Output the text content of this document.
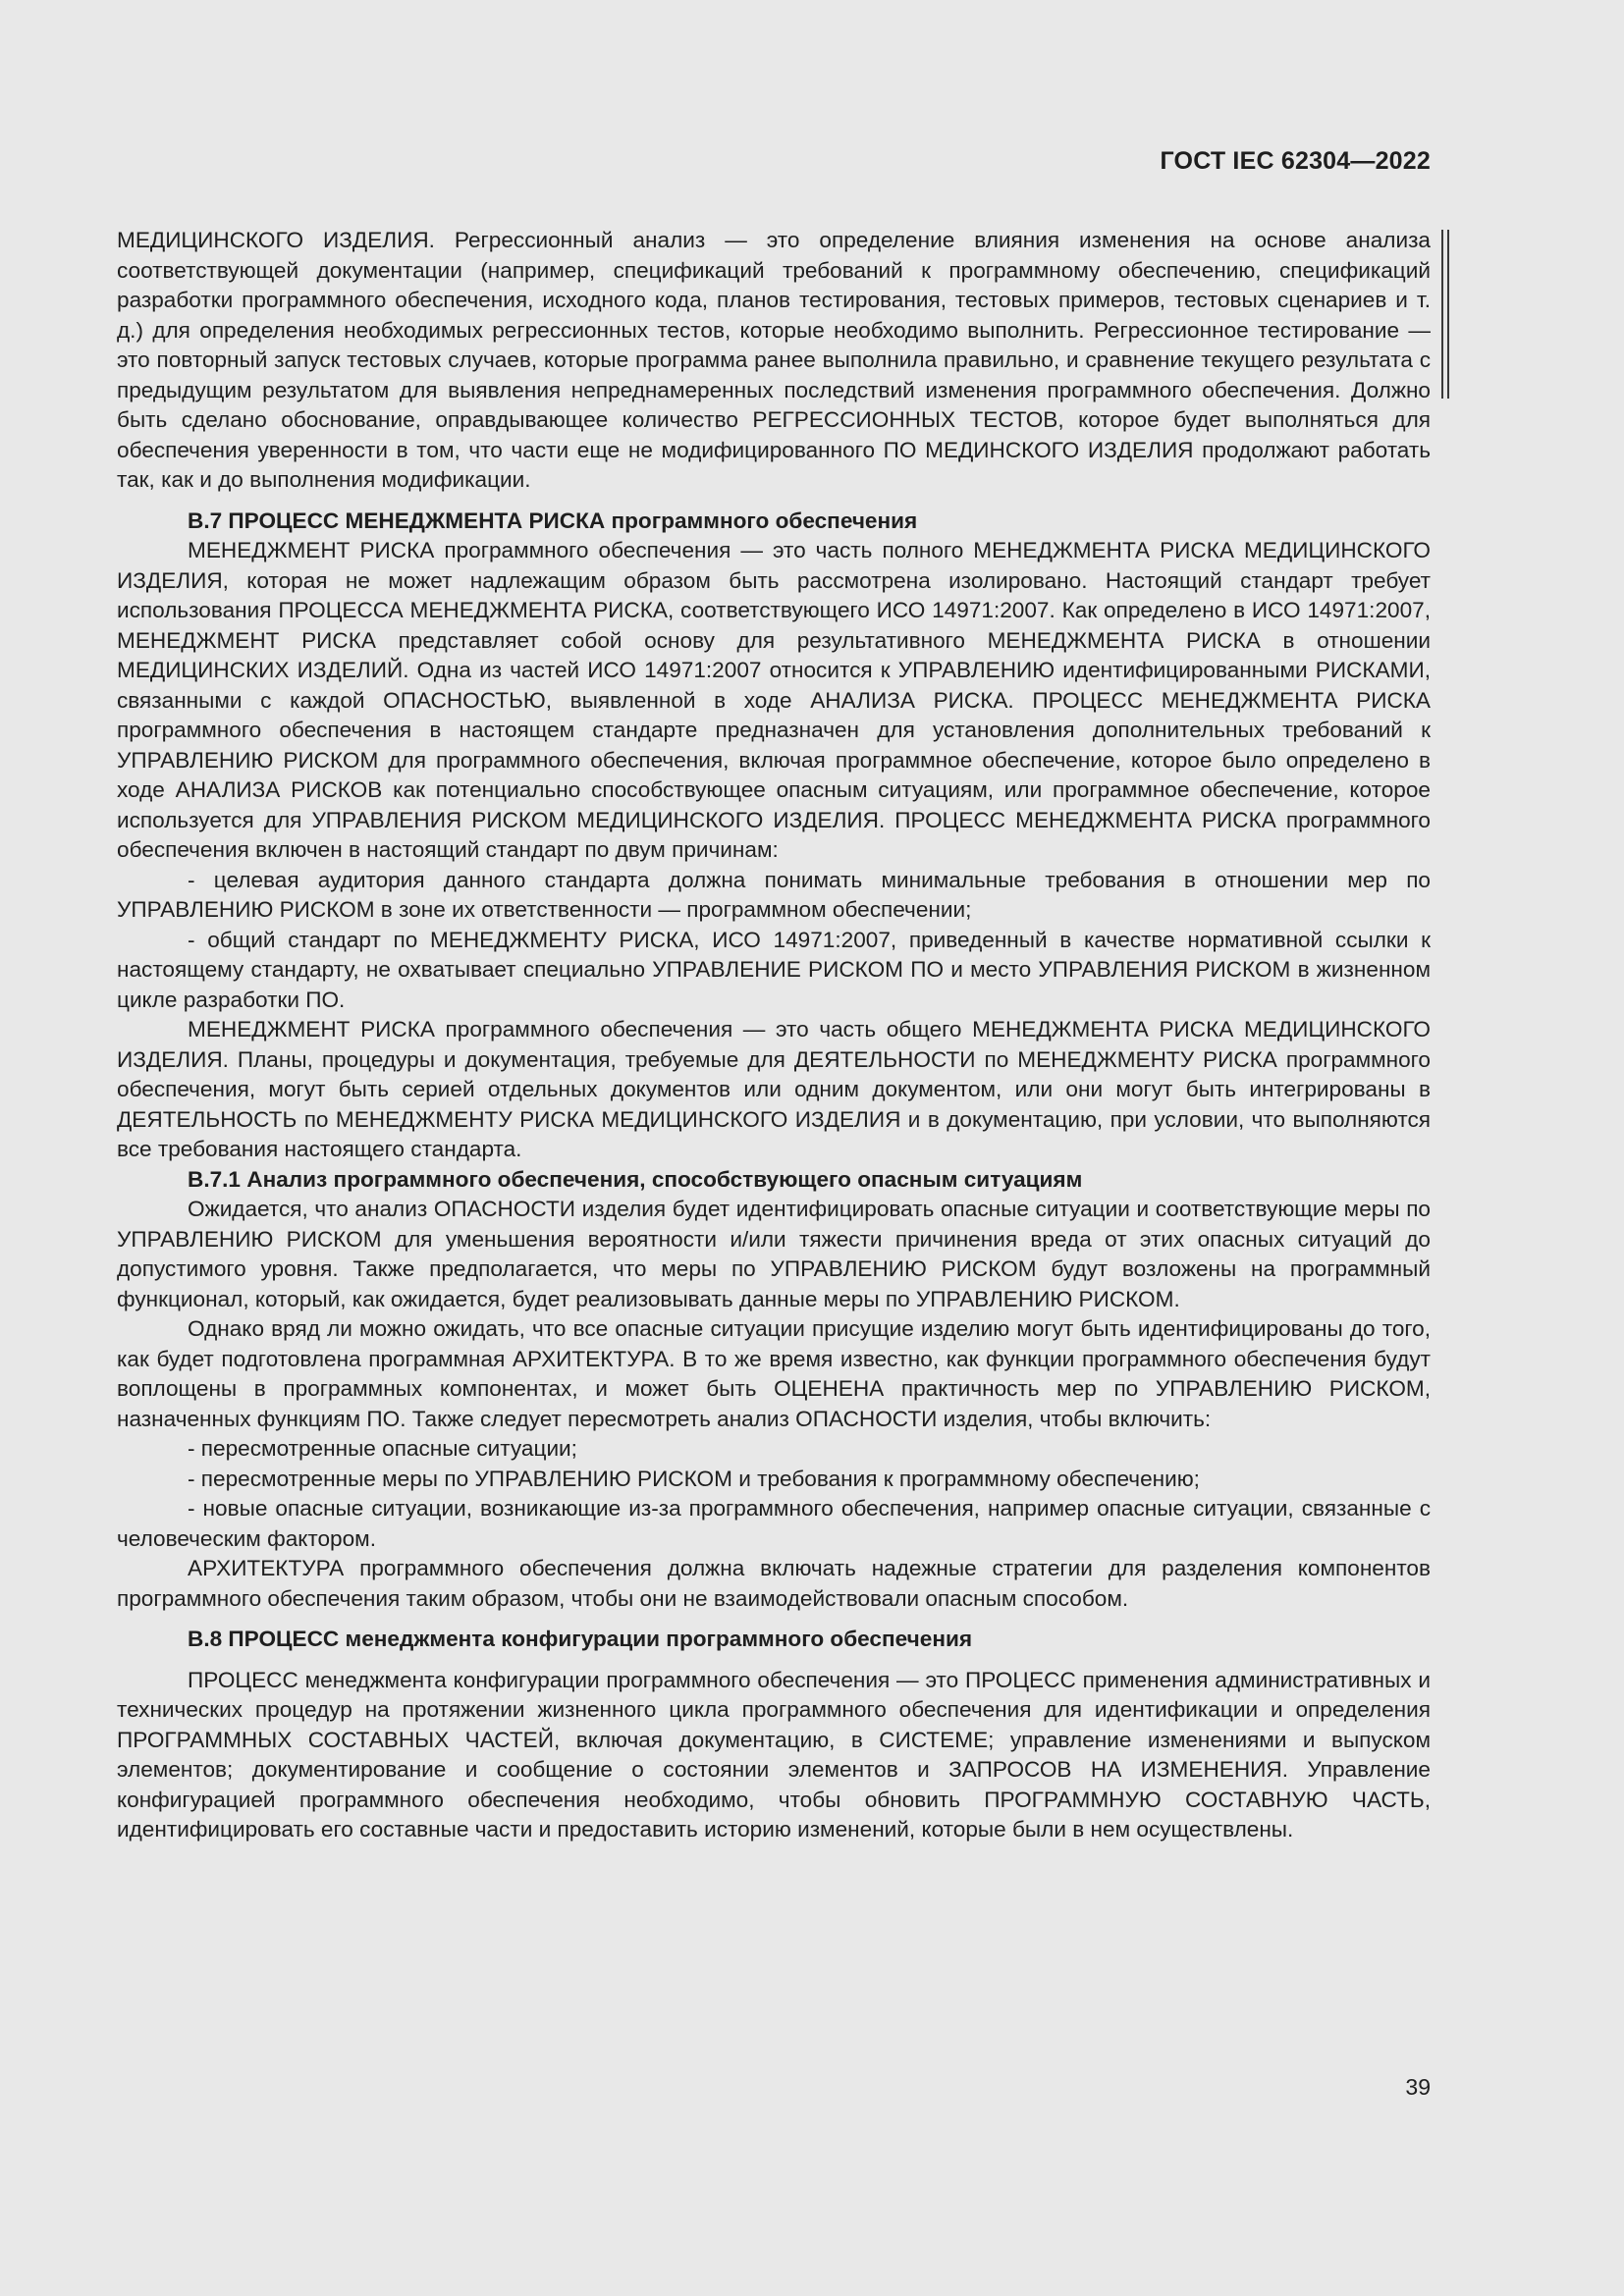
ГОСТ IEC 62304—2022

МЕДИЦИНСКОГО ИЗДЕЛИЯ. Регрессионный анализ — это определение влияния изменения на основе анализа соответствующей документации (например, спецификаций требований к программному обеспечению, спецификаций разработки программного обеспечения, исходного кода, планов тестирования, тестовых примеров, тестовых сценариев и т. д.) для определения необходимых регрессионных тестов, которые необходимо выполнить. Регрессионное тестирование — это повторный запуск тестовых случаев, которые программа ранее выполнила правильно, и сравнение текущего результата с предыдущим результатом для выявления непреднамеренных последствий изменения программного обеспечения. Должно быть сделано обоснование, оправдывающее количество РЕГРЕССИОННЫХ ТЕСТОВ, которое будет выполняться для обеспечения уверенности в том, что части еще не модифицированного ПО МЕДИНСКОГО ИЗДЕЛИЯ продолжают работать так, как и до выполнения модификации.

В.7 ПРОЦЕСС МЕНЕДЖМЕНТА РИСКА программного обеспечения

МЕНЕДЖМЕНТ РИСКА программного обеспечения — это часть полного МЕНЕДЖМЕНТА РИСКА МЕДИЦИНСКОГО ИЗДЕЛИЯ, которая не может надлежащим образом быть рассмотрена изолировано. Настоящий стандарт требует использования ПРОЦЕССА МЕНЕДЖМЕНТА РИСКА, соответствующего ИСО 14971:2007. Как определено в ИСО 14971:2007, МЕНЕДЖМЕНТ РИСКА представляет собой основу для результативного МЕНЕДЖМЕНТА РИСКА в отношении МЕДИЦИНСКИХ ИЗДЕЛИЙ. Одна из частей ИСО 14971:2007 относится к УПРАВЛЕНИЮ идентифицированными РИСКАМИ, связанными с каждой ОПАСНОСТЬЮ, выявленной в ходе АНАЛИЗА РИСКА. ПРОЦЕСС МЕНЕДЖМЕНТА РИСКА программного обеспечения в настоящем стандарте предназначен для установления дополнительных требований к УПРАВЛЕНИЮ РИСКОМ для программного обеспечения, включая программное обеспечение, которое было определено в ходе АНАЛИЗА РИСКОВ как потенциально способствующее опасным ситуациям, или программное обеспечение, которое используется для УПРАВЛЕНИЯ РИСКОМ МЕДИЦИНСКОГО ИЗДЕЛИЯ. ПРОЦЕСС МЕНЕДЖМЕНТА РИСКА программного обеспечения включен в настоящий стандарт по двум причинам:

- целевая аудитория данного стандарта должна понимать минимальные требования в отношении мер по УПРАВЛЕНИЮ РИСКОМ в зоне их ответственности — программном обеспечении;

- общий стандарт по МЕНЕДЖМЕНТУ РИСКА, ИСО 14971:2007, приведенный в качестве нормативной ссылки к настоящему стандарту, не охватывает специально УПРАВЛЕНИЕ РИСКОМ ПО и место УПРАВЛЕНИЯ РИСКОМ в жизненном цикле разработки ПО.

МЕНЕДЖМЕНТ РИСКА программного обеспечения — это часть общего МЕНЕДЖМЕНТА РИСКА МЕДИЦИНСКОГО ИЗДЕЛИЯ. Планы, процедуры и документация, требуемые для ДЕЯТЕЛЬНОСТИ по МЕНЕДЖМЕНТУ РИСКА программного обеспечения, могут быть серией отдельных документов или одним документом, или они могут быть интегрированы в ДЕЯТЕЛЬНОСТЬ по МЕНЕДЖМЕНТУ РИСКА МЕДИЦИНСКОГО ИЗДЕЛИЯ и в документацию, при условии, что выполняются все требования настоящего стандарта.

В.7.1 Анализ программного обеспечения, способствующего опасным ситуациям

Ожидается, что анализ ОПАСНОСТИ изделия будет идентифицировать опасные ситуации и соответствующие меры по УПРАВЛЕНИЮ РИСКОМ для уменьшения вероятности и/или тяжести причинения вреда от этих опасных ситуаций до допустимого уровня. Также предполагается, что меры по УПРАВЛЕНИЮ РИСКОМ будут возложены на программный функционал, который, как ожидается, будет реализовывать данные меры по УПРАВЛЕНИЮ РИСКОМ.

Однако вряд ли можно ожидать, что все опасные ситуации присущие изделию могут быть идентифицированы до того, как будет подготовлена программная АРХИТЕКТУРА. В то же время известно, как функции программного обеспечения будут воплощены в программных компонентах, и может быть ОЦЕНЕНА практичность мер по УПРАВЛЕНИЮ РИСКОМ, назначенных функциям ПО. Также следует пересмотреть анализ ОПАСНОСТИ изделия, чтобы включить:

- пересмотренные опасные ситуации;

- пересмотренные меры по УПРАВЛЕНИЮ РИСКОМ и требования к программному обеспечению;

- новые опасные ситуации, возникающие из-за программного обеспечения, например опасные ситуации, связанные с человеческим фактором.

АРХИТЕКТУРА программного обеспечения должна включать надежные стратегии для разделения компонентов программного обеспечения таким образом, чтобы они не взаимодействовали опасным способом.

В.8 ПРОЦЕСС менеджмента конфигурации программного обеспечения

ПРОЦЕСС менеджмента конфигурации программного обеспечения — это ПРОЦЕСС применения административных и технических процедур на протяжении жизненного цикла программного обеспечения для идентификации и определения ПРОГРАММНЫХ СОСТАВНЫХ ЧАСТЕЙ, включая документацию, в СИСТЕМЕ; управление изменениями и выпуском элементов; документирование и сообщение о состоянии элементов и ЗАПРОСОВ НА ИЗМЕНЕНИЯ. Управление конфигурацией программного обеспечения необходимо, чтобы обновить ПРОГРАММНУЮ СОСТАВНУЮ ЧАСТЬ, идентифицировать его составные части и предоставить историю изменений, которые были в нем осуществлены.

39
